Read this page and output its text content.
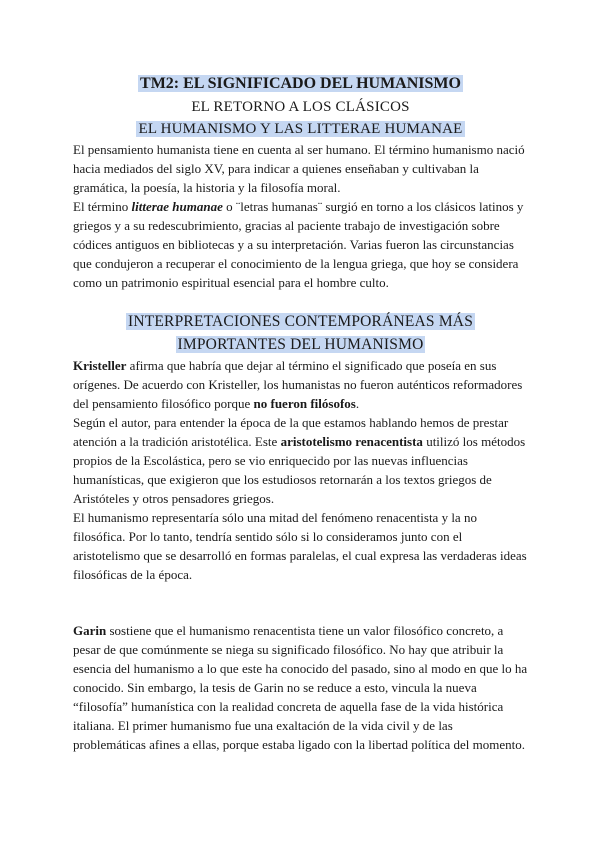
TM2: EL SIGNIFICADO DEL HUMANISMO

EL RETORNO A LOS CLÁSICOS

EL HUMANISMO Y LAS LITTERAE HUMANAE

El pensamiento humanista tiene en cuenta al ser humano. El término humanismo nació hacia mediados del siglo XV, para indicar a quienes enseñaban y cultivaban la gramática, la poesía, la historia y la filosofía moral.

El término litterae humanae o ¨letras humanas¨ surgió en torno a los clásicos latinos y griegos y a su redescubrimiento, gracias al paciente trabajo de investigación sobre códices antiguos en bibliotecas y a su interpretación. Varias fueron las circunstancias que condujeron a recuperar el conocimiento de la lengua griega, que hoy se considera como un patrimonio espiritual esencial para el hombre culto.

INTERPRETACIONES CONTEMPORÁNEAS MÁS

IMPORTANTES DEL HUMANISMO

Kristeller afirma que habría que dejar al término el significado que poseía en sus orígenes. De acuerdo con Kristeller, los humanistas no fueron auténticos reformadores del pensamiento filosófico porque no fueron filósofos.

Según el autor, para entender la época de la que estamos hablando hemos de prestar atención a la tradición aristotélica. Este aristotelismo renacentista utilizó los métodos propios de la Escolástica, pero se vio enriquecido por las nuevas influencias humanísticas, que exigieron que los estudiosos retornarán a los textos griegos de Aristóteles y otros pensadores griegos.

El humanismo representaría sólo una mitad del fenómeno renacentista y la no filosófica. Por lo tanto, tendría sentido sólo si lo consideramos junto con el aristotelismo que se desarrolló en formas paralelas, el cual expresa las verdaderas ideas filosóficas de la época.

Garin sostiene que el humanismo renacentista tiene un valor filosófico concreto, a pesar de que comúnmente se niega su significado filosófico. No hay que atribuir la esencia del humanismo a lo que este ha conocido del pasado, sino al modo en que lo ha conocido. Sin embargo, la tesis de Garin no se reduce a esto, vincula la nueva “filosofía” humanística con la realidad concreta de aquella fase de la vida histórica italiana. El primer humanismo fue una exaltación de la vida civil y de las problemáticas afines a ellas, porque estaba ligado con la libertad política del momento.
